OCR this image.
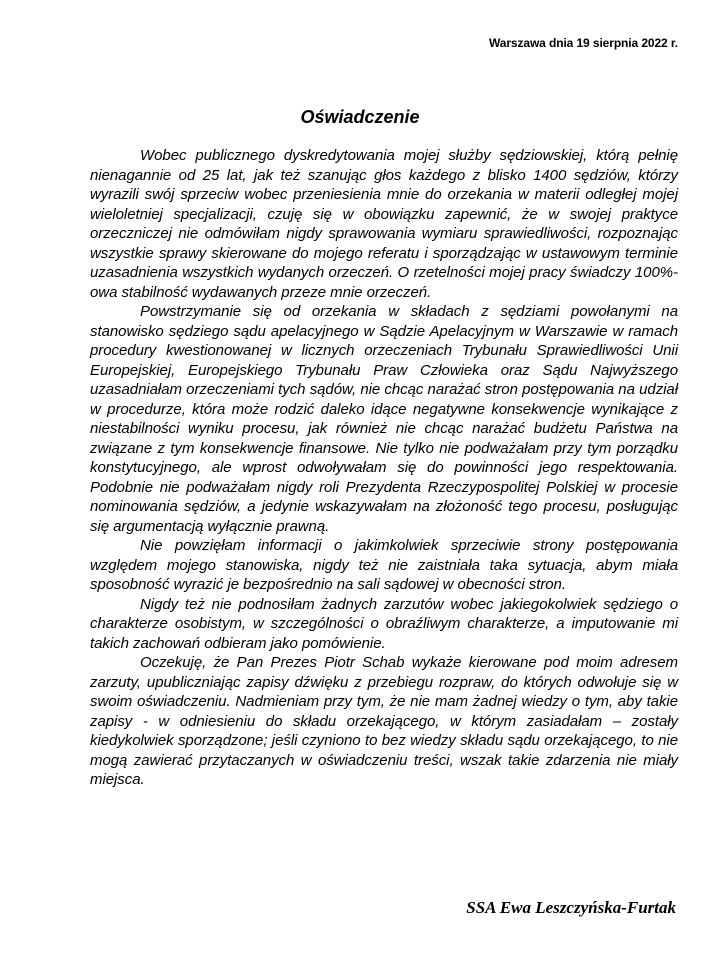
Warszawa dnia 19 sierpnia 2022 r.
Oświadczenie

Wobec publicznego dyskredytowania mojej służby sędziowskiej, którą pełnię nienagannie od 25 lat, jak też szanując głos każdego z blisko 1400 sędziów, którzy wyrazili swój sprzeciw wobec przeniesienia mnie do orzekania w materii odległej mojej wieloletniej specjalizacji, czuję się w obowiązku zapewnić, że w swojej praktyce orzeczniczej nie odmówiłam nigdy sprawowania wymiaru sprawiedliwości, rozpoznając wszystkie sprawy skierowane do mojego referatu i sporządzając w ustawowym terminie uzasadnienia wszystkich wydanych orzeczeń. O rzetelności mojej pracy świadczy 100%- owa stabilność wydawanych przeze mnie orzeczeń.

Powstrzymanie się od orzekania w składach z sędziami powołanymi na stanowisko sędziego sądu apelacyjnego w Sądzie Apelacyjnym w Warszawie w ramach procedury kwestionowanej w licznych orzeczeniach Trybunału Sprawiedliwości Unii Europejskiej, Europejskiego Trybunału Praw Człowieka oraz Sądu Najwyższego uzasadniałam orzeczeniami tych sądów, nie chcąc narażać stron postępowania na udział w procedurze, która może rodzić daleko idące negatywne konsekwencje wynikające z niestabilności wyniku procesu, jak również nie chcąc narażać budżetu Państwa na związane z tym konsekwencje finansowe. Nie tylko nie podważałam przy tym porządku konstytucyjnego, ale wprost odwoływałam się do powinności jego respektowania. Podobnie nie podważałam nigdy roli Prezydenta Rzeczypospolitej Polskiej w procesie nominowania sędziów, a jedynie wskazywałam na złożoność tego procesu, posługując się argumentacją wyłącznie prawną.

Nie powzięłam informacji o jakimkolwiek sprzeciwie strony postępowania względem mojego stanowiska, nigdy też nie zaistniała taka sytuacja, abym miała sposobność wyrazić je bezpośrednio na sali sądowej w obecności stron.

Nigdy też nie podnosiłam żadnych zarzutów wobec jakiegokolwiek sędziego o charakterze osobistym, w szczególności o obraźliwym charakterze, a imputowanie mi takich zachowań odbieram jako pomówienie.

Oczekuję, że Pan Prezes Piotr Schab wykaże kierowane pod moim adresem zarzuty, upubliczniając zapisy dźwięku z przebiegu rozpraw, do których odwołuje się w swoim oświadczeniu. Nadmieniam przy tym, że nie mam żadnej wiedzy o tym, aby takie zapisy - w odniesieniu do składu orzekającego, w którym zasiadałam – zostały kiedykolwiek sporządzone; jeśli czyniono to bez wiedzy składu sądu orzekającego, to nie mogą zawierać przytaczanych w oświadczeniu treści, wszak takie zdarzenia nie miały miejsca.

SSA Ewa Leszczyńska-Furtak
